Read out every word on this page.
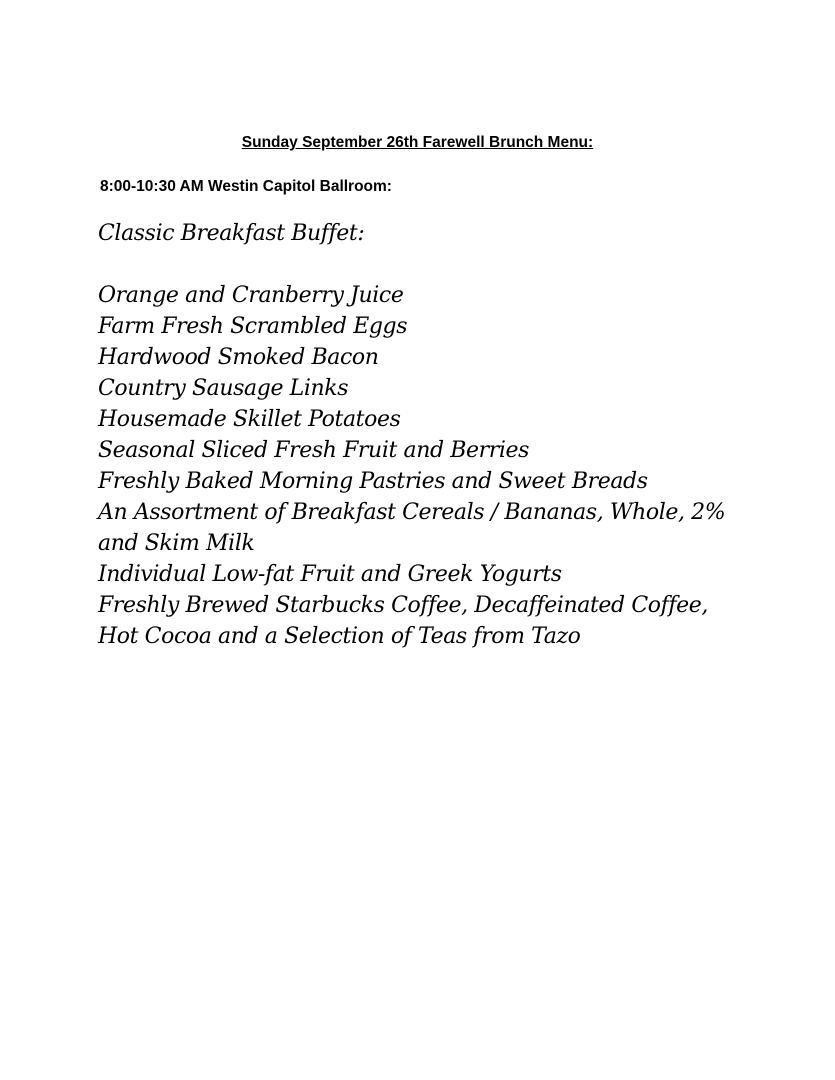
Sunday September 26th Farewell Brunch Menu:
8:00-10:30 AM Westin Capitol Ballroom:
Classic Breakfast Buffet:
Orange and Cranberry Juice
Farm Fresh Scrambled Eggs
Hardwood Smoked Bacon
Country Sausage Links
Housemade Skillet Potatoes
Seasonal Sliced Fresh Fruit and Berries
Freshly Baked Morning Pastries and Sweet Breads
An Assortment of Breakfast Cereals / Bananas, Whole, 2% and Skim Milk
Individual Low-fat Fruit and Greek Yogurts
Freshly Brewed Starbucks Coffee, Decaffeinated Coffee, Hot Cocoa and a Selection of Teas from Tazo
